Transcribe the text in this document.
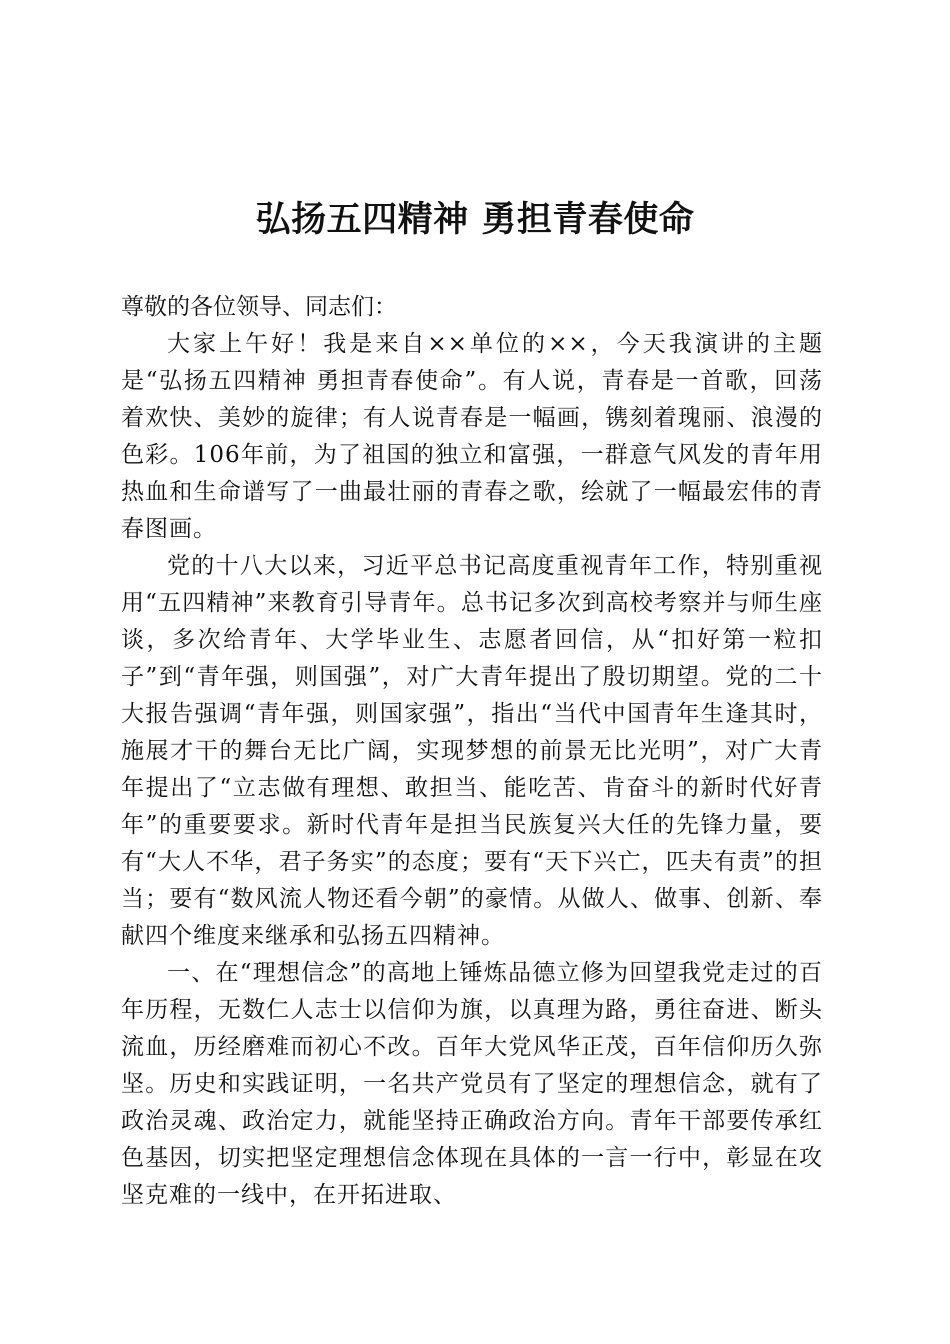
弘扬五四精神 勇担青春使命

尊敬的各位领导、同志们：

大家上午好！我是来自××单位的××，今天我演讲的主题是“弘扬五四精神 勇担青春使命”。有人说，青春是一首歌，回荡着欢快、美妙的旋律；有人说青春是一幅画，镌刻着瑰丽、浪漫的色彩。106年前，为了祖国的独立和富强，一群意气风发的青年用热血和生命谱写了一曲最壮丽的青春之歌，绘就了一幅最宏伟的青春图画。

党的十八大以来，习近平总书记高度重视青年工作，特别重视用“五四精神”来教育引导青年。总书记多次到高校考察并与师生座谈，多次给青年、大学毕业生、志愿者回信，从“扣好第一粒扣子”到“青年强，则国强”，对广大青年提出了殷切期望。党的二十大报告强调“青年强，则国家强”，指出“当代中国青年生逢其时，施展才干的舞台无比广阔，实现梦想的前景无比光明”，对广大青年提出了“立志做有理想、敢担当、能吃苦、肯奋斗的新时代好青年”的重要要求。新时代青年是担当民族复兴大任的先锋力量，要有“大人不华，君子务实”的态度；要有“天下兴亡，匹夫有责”的担当；要有“数风流人物还看今朝”的豪情。从做人、做事、创新、奉献四个维度来继承和弘扬五四精神。

一、在“理想信念”的高地上锤炼品德立修为回望我党走过的百年历程，无数仁人志士以信仰为旗，以真理为路，勇往奋进、断头流血，历经磨难而初心不改。百年大党风华正茂，百年信仰历久弥坚。历史和实践证明，一名共产党员有了坚定的理想信念，就有了政治灵魂、政治定力，就能坚持正确政治方向。青年干部要传承红色基因，切实把坚定理想信念体现在具体的一言一行中，彰显在攻坚克难的一线中，在开拓进取、
